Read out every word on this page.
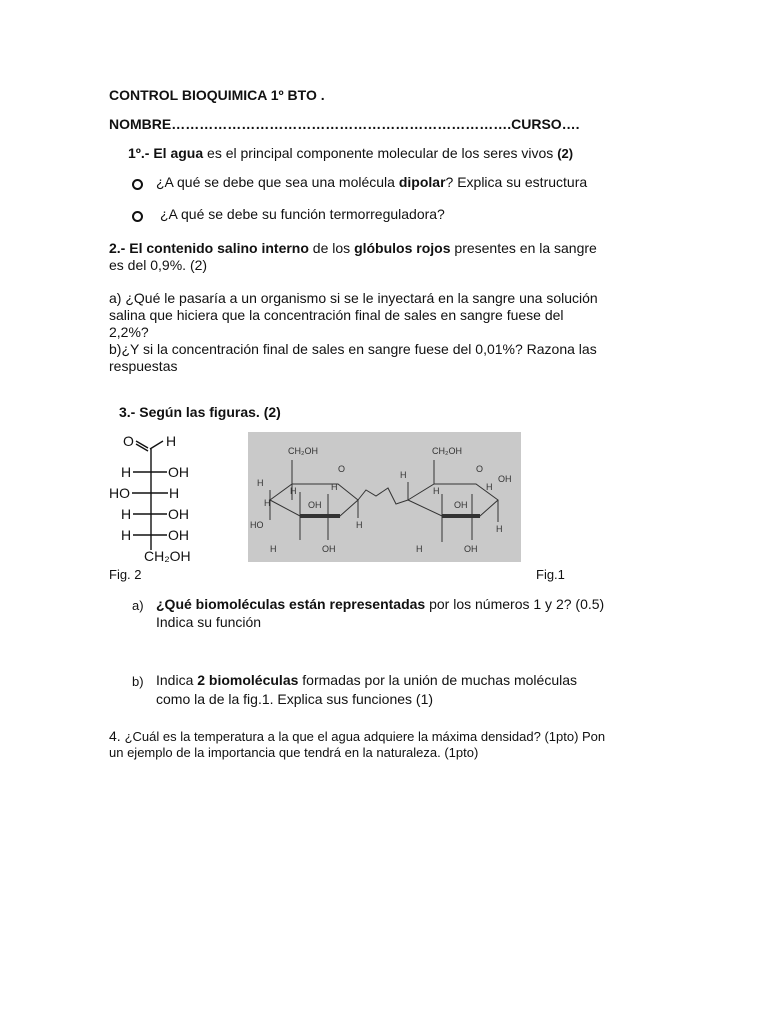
CONTROL BIOQUIMICA 1º BTO .
NOMBRE……………………………………………………………….CURSO….
1º.- El agua es el principal componente molecular de los seres vivos (2)
¿A qué se debe que sea una molécula dipolar? Explica su estructura
¿A qué se debe su función termorreguladora?
2.- El contenido salino interno de los glóbulos rojos presentes en la sangre
es del 0,9%. (2)
a) ¿Qué le pasaría a un organismo si se le inyectará en la sangre una solución
salina que hiciera que la concentración final de sales en sangre fuese del
2,2%?
b)¿Y si la concentración final de sales en sangre fuese del 0,01%? Razona las
respuestas
3.- Según las figuras. (2)
O H
H	OH
HO	H
H	OH
H	OH
CH₂OH
CH₂OH
O
H
H
H
HO
OH
H
H
H	OH
CH₂OH
O
H
H
OH
H
OH
H
H	OH
Fig. 2	Fig.1
a) ¿Qué biomoléculas están representadas por los números 1 y 2? (0.5)
Indica su función
b) Indica 2 biomoléculas formadas por la unión de muchas moléculas
como la de la fig.1. Explica sus funciones (1)
4. ¿Cuál es la temperatura a la que el agua adquiere la máxima densidad? (1pto) Pon
un ejemplo de la importancia que tendrá en la naturaleza. (1pto)
